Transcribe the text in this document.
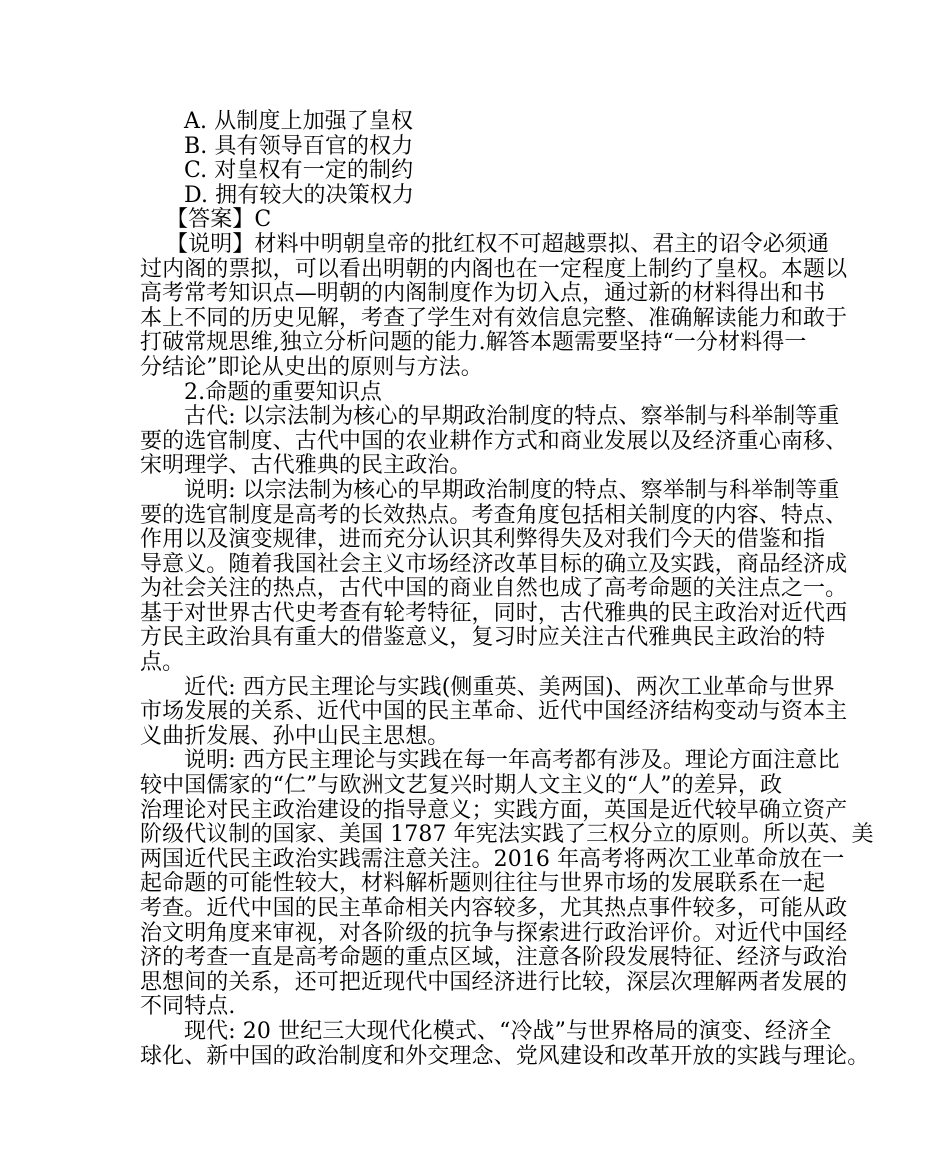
A. 从制度上加强了皇权
B. 具有领导百官的权力
C. 对皇权有一定的制约
D. 拥有较大的决策权力
【答案】C
【说明】材料中明朝皇帝的批红权不可超越票拟、君主的诏令必须通
过内阁的票拟，可以看出明朝的内阁也在一定程度上制约了皇权。本题以
高考常考知识点—明朝的内阁制度作为切入点，通过新的材料得出和书
本上不同的历史见解，考查了学生对有效信息完整、准确解读能力和敢于
打破常规思维,独立分析问题的能力.解答本题需要坚持“一分材料得一
分结论”即论从史出的原则与方法。
2.命题的重要知识点
古代: 以宗法制为核心的早期政治制度的特点、察举制与科举制等重
要的选官制度、古代中国的农业耕作方式和商业发展以及经济重心南移、
宋明理学、古代雅典的民主政治。
说明: 以宗法制为核心的早期政治制度的特点、察举制与科举制等重
要的选官制度是高考的长效热点。考查角度包括相关制度的内容、特点、
作用以及演变规律，进而充分认识其利弊得失及对我们今天的借鉴和指
导意义。随着我国社会主义市场经济改革目标的确立及实践，商品经济成
为社会关注的热点，古代中国的商业自然也成了高考命题的关注点之一。
基于对世界古代史考查有轮考特征，同时，古代雅典的民主政治对近代西
方民主政治具有重大的借鉴意义，复习时应关注古代雅典民主政治的特
点。
近代: 西方民主理论与实践(侧重英、美两国)、两次工业革命与世界
市场发展的关系、近代中国的民主革命、近代中国经济结构变动与资本主
义曲折发展、孙中山民主思想。
说明: 西方民主理论与实践在每一年高考都有涉及。理论方面注意比
较中国儒家的“仁”与欧洲文艺复兴时期人文主义的“人”的差异，政
治理论对民主政治建设的指导意义；实践方面，英国是近代较早确立资产
阶级代议制的国家、美国 1787 年宪法实践了三权分立的原则。所以英、美
两国近代民主政治实践需注意关注。2016 年高考将两次工业革命放在一
起命题的可能性较大，材料解析题则往往与世界市场的发展联系在一起
考查。近代中国的民主革命相关内容较多，尤其热点事件较多，可能从政
治文明角度来审视，对各阶级的抗争与探索进行政治评价。对近代中国经
济的考查一直是高考命题的重点区域，注意各阶段发展特征、经济与政治
思想间的关系，还可把近现代中国经济进行比较，深层次理解两者发展的
不同特点.
现代: 20 世纪三大现代化模式、“冷战”与世界格局的演变、经济全
球化、新中国的政治制度和外交理念、党风建设和改革开放的实践与理论。
